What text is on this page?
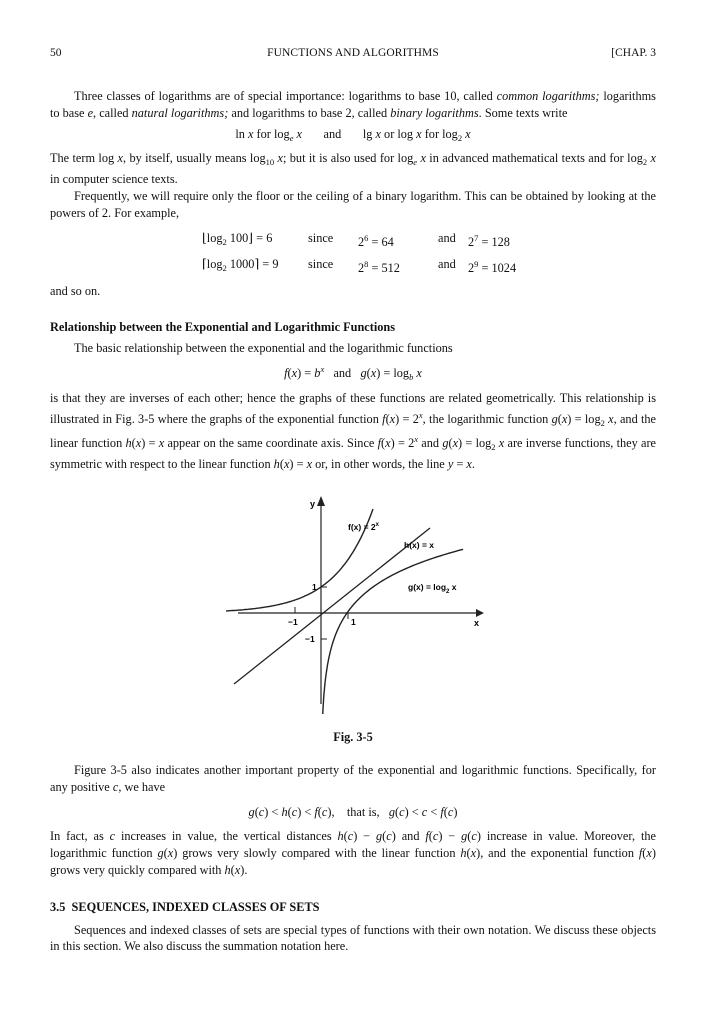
50	FUNCTIONS AND ALGORITHMS	[CHAP. 3

Three classes of logarithms are of special importance: logarithms to base 10, called common logarithms; logarithms to base e, called natural logarithms; and logarithms to base 2, called binary logarithms. Some texts write

ln x for $\log_e x$ and lg x or log x for $\log_2 x$

The term log x, by itself, usually means $\log_{10} x$; but it is also used for $\log_e x$ in advanced mathematical texts and for $\log_2 x$ in computer science texts.

Frequently, we will require only the floor or the ceiling of a binary logarithm. This can be obtained by looking at the powers of 2. For example,

$⌊\log_2$ 100⌋ = 6	since	$2^6 = 64$	and $2^7 = 128$
$⌈\log_2$ 1000⌉ = 9	since	$2^8 = 512$	and $2^9 = 1024$

and so on.

Relationship between the Exponential and Logarithmic Functions

The basic relationship between the exponential and the logarithmic functions

$f(x) = b^x$ and $g(x) = \log_b x$

is that they are inverses of each other; hence the graphs of these functions are related geometrically. This relationship is illustrated in Fig. 3-5 where the graphs of the exponential function $f(x) = 2^x$, the logarithmic function $g(x) = \log_2 x$, and the linear function h(x) = x appear on the same coordinate axis. Since $f(x) = 2^x$ and $g(x) = \log_2 x$ are inverse functions, they are symmetric with respect to the linear function h(x) = x or, in other words, the line y = x.

y
x
$f(x) = 2^x$
h(x) = x
$g(x) = \log_2 x$
1
−1	1
−1
Fig. 3-5

Figure 3-5 also indicates another important property of the exponential and logarithmic functions. Specifically, for any positive c, we have

g(c) < h(c) < f(c),    that is, g(c) < c < f(c)

In fact, as c increases in value, the vertical distances h(c) − g(c) and f(c) − g(c) increase in value. Moreover, the logarithmic function g(x) grows very slowly compared with the linear function h(x), and the exponential function f(x) grows very quickly compared with h(x).

3.5 SEQUENCES, INDEXED CLASSES OF SETS

Sequences and indexed classes of sets are special types of functions with their own notation. We discuss these objects in this section. We also discuss the summation notation here.
